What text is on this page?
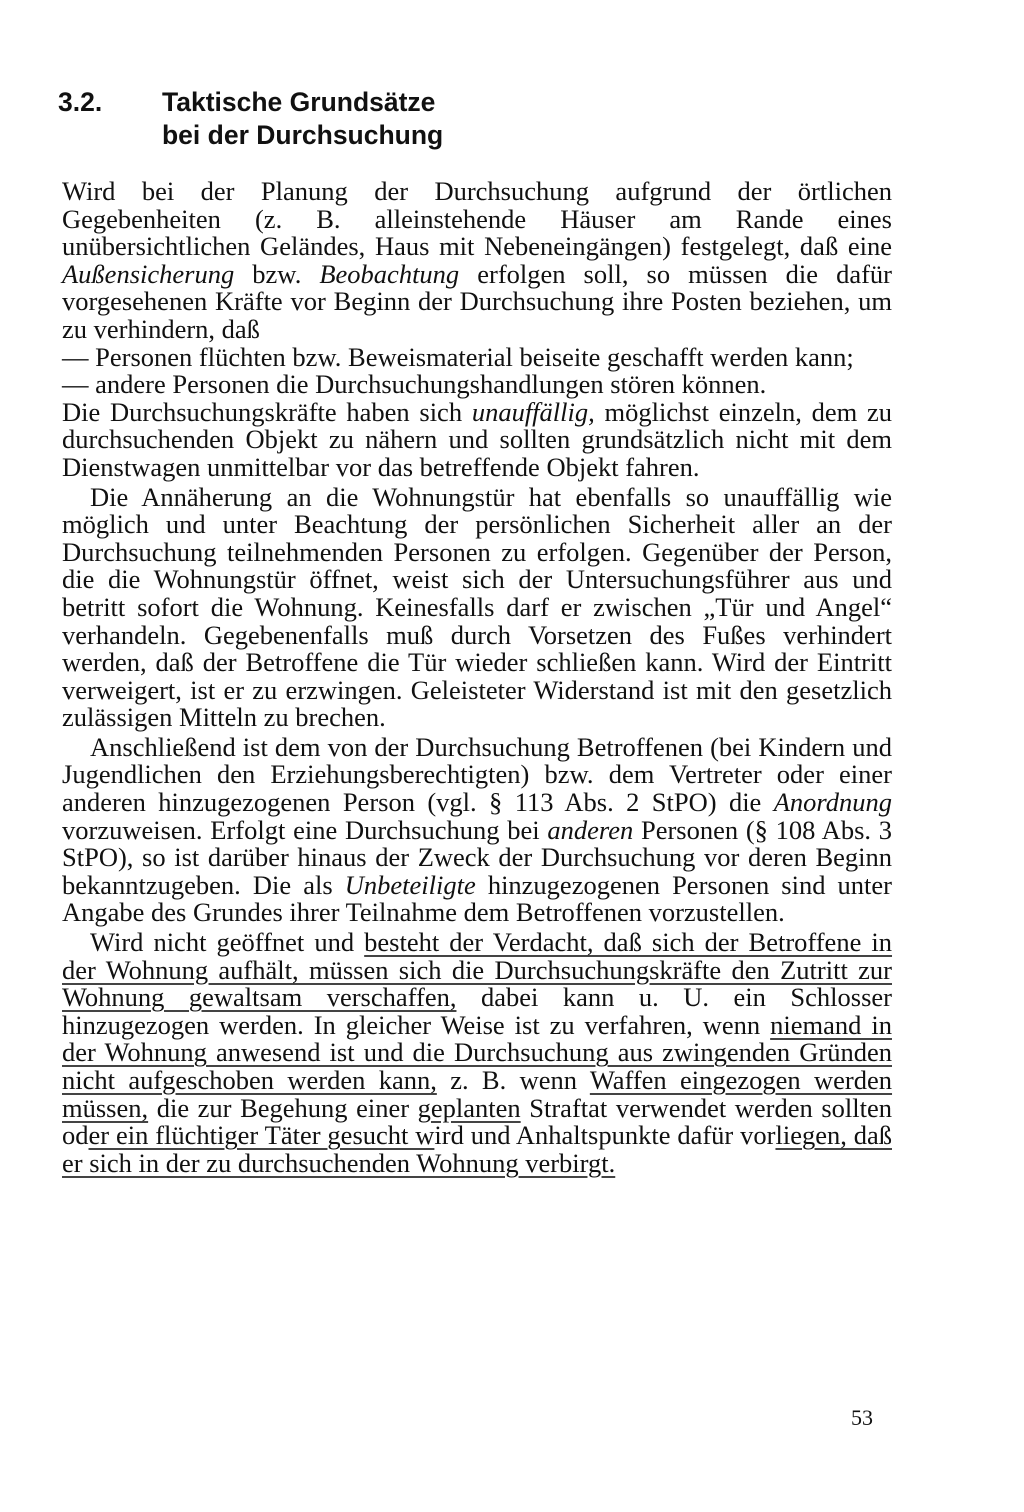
3.2.	Taktische Grundsätze
bei der Durchsuchung

Wird bei der Planung der Durchsuchung aufgrund der örtlichen Gegebenheiten (z. B. alleinstehende Häuser am Rande eines unübersichtlichen Geländes, Haus mit Nebeneingängen) festgelegt, daß eine Außensicherung bzw. Beobachtung erfolgen soll, so müssen die dafür vorgesehenen Kräfte vor Beginn der Durchsuchung ihre Posten beziehen, um zu verhindern, daß

— Personen flüchten bzw. Beweismaterial beiseite geschafft werden kann;

— andere Personen die Durchsuchungshandlungen stören können.

Die Durchsuchungskräfte haben sich unauffällig, möglichst einzeln, dem zu durchsuchenden Objekt zu nähern und sollten grundsätzlich nicht mit dem Dienstwagen unmittelbar vor das betreffende Objekt fahren.

Die Annäherung an die Wohnungstür hat ebenfalls so unauffällig wie möglich und unter Beachtung der persönlichen Sicherheit aller an der Durchsuchung teilnehmenden Personen zu erfolgen. Gegenüber der Person, die die Wohnungstür öffnet, weist sich der Untersuchungsführer aus und betritt sofort die Wohnung. Keinesfalls darf er zwischen „Tür und Angel“ verhandeln. Gegebenenfalls muß durch Vorsetzen des Fußes verhindert werden, daß der Betroffene die Tür wieder schließen kann. Wird der Eintritt verweigert, ist er zu erzwingen. Geleisteter Widerstand ist mit den gesetzlich zulässigen Mitteln zu brechen.

Anschließend ist dem von der Durchsuchung Betroffenen (bei Kindern und Jugendlichen den Erziehungsberechtigten) bzw. dem Vertreter oder einer anderen hinzugezogenen Person (vgl. § 113 Abs. 2 StPO) die Anordnung vorzuweisen. Erfolgt eine Durchsuchung bei anderen Personen (§ 108 Abs. 3 StPO), so ist darüber hinaus der Zweck der Durchsuchung vor deren Beginn bekanntzugeben. Die als Unbeteiligte hinzugezogenen Personen sind unter Angabe des Grundes ihrer Teilnahme dem Betroffenen vorzustellen.

Wird nicht geöffnet und besteht der Verdacht, daß sich der Betroffene in der Wohnung aufhält, müssen sich die Durchsuchungskräfte den Zutritt zur Wohnung gewaltsam verschaffen, dabei kann u. U. ein Schlosser hinzugezogen werden. In gleicher Weise ist zu verfahren, wenn niemand in der Wohnung anwesend ist und die Durchsuchung aus zwingenden Gründen nicht aufgeschoben werden kann, z. B. wenn Waffen eingezogen werden müssen, die zur Begehung einer geplanten Straftat verwendet werden sollten oder ein flüchtiger Täter gesucht wird und Anhaltspunkte dafür vorliegen, daß er sich in der zu durchsuchenden Wohnung verbirgt.

53
